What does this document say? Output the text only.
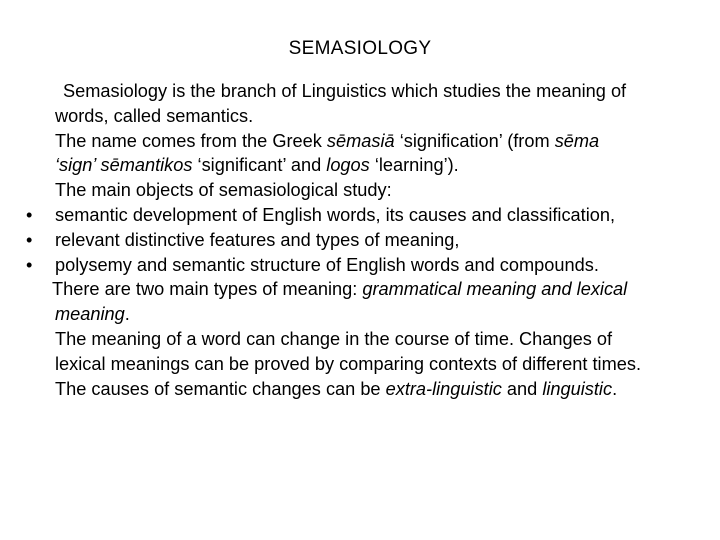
SEMASIOLOGY
Semasiology is the branch of Linguistics which studies the meaning of
words, called semantics.
The name comes from the Greek sēmasiā ‘signification’ (from sēma
‘sign’ sēmantikos ‘significant’ and logos ‘learning’).
The main objects of semasiological study:
•	semantic development of English words, its causes and classification,
•	relevant distinctive features and types of meaning,
•	polysemy and semantic structure of English words and compounds.
There are two main types of meaning: grammatical meaning and lexical
meaning.
The meaning of a word can change in the course of time. Changes of
lexical meanings can be proved by comparing contexts of different times.
The causes of semantic changes can be extra-linguistic and linguistic.
